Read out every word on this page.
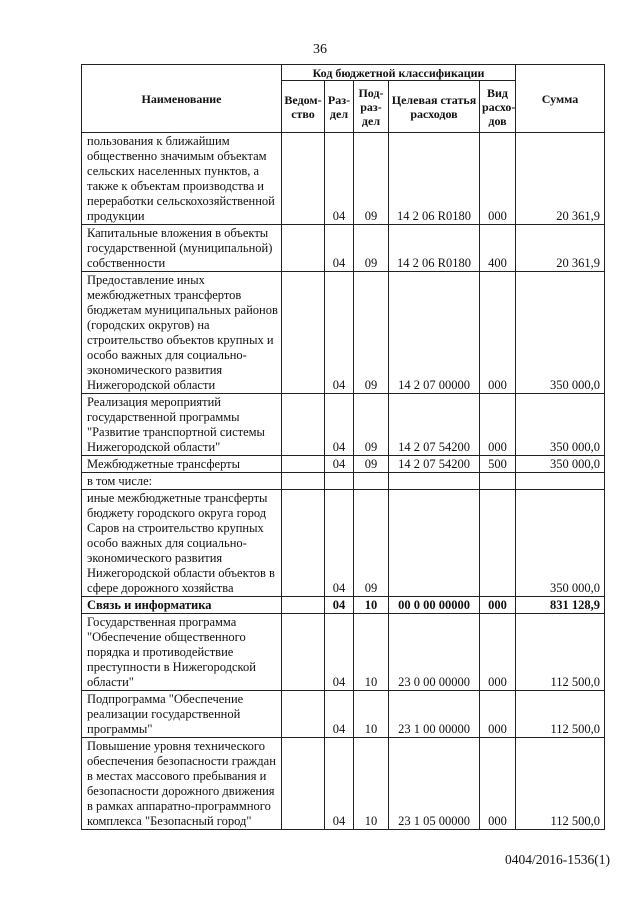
36
Наименование	Код бюджетной классификации					Сумма
	Ведом-ство	Раз-дел	Под-раз-дел	Целевая статья расходов	Вид расхо-дов	
пользования к ближайшим общественно значимым объектам сельских населенных пунктов, а также к объектам производства и переработки сельскохозяйственной продукции		04	09	14 2 06 R0180	000	20 361,9
Капитальные вложения в объекты государственной (муниципальной) собственности		04	09	14 2 06 R0180	400	20 361,9
Предоставление иных межбюджетных трансфертов бюджетам муниципальных районов (городских округов) на строительство объектов крупных и особо важных для социально-экономического развития Нижегородской области		04	09	14 2 07 00000	000	350 000,0
Реализация мероприятий государственной программы "Развитие транспортной системы Нижегородской области"		04	09	14 2 07 54200	000	350 000,0
Межбюджетные трансферты		04	09	14 2 07 54200	500	350 000,0
в том числе:						
иные межбюджетные трансферты бюджету городского округа город Саров на строительство крупных особо важных для социально-экономического развития Нижегородской области объектов в сфере дорожного хозяйства		04	09			350 000,0
Связь и информатика		04	10	00 0 00 00000	000	831 128,9
Государственная программа "Обеспечение общественного порядка и противодействие преступности в Нижегородской области"		04	10	23 0 00 00000	000	112 500,0
Подпрограмма "Обеспечение реализации государственной программы"		04	10	23 1 00 00000	000	112 500,0
Повышение уровня технического обеспечения безопасности граждан в местах массового пребывания и безопасности дорожного движения в рамках аппаратно-программного комплекса "Безопасный город"		04	10	23 1 05 00000	000	112 500,0
0404/2016-1536(1)
